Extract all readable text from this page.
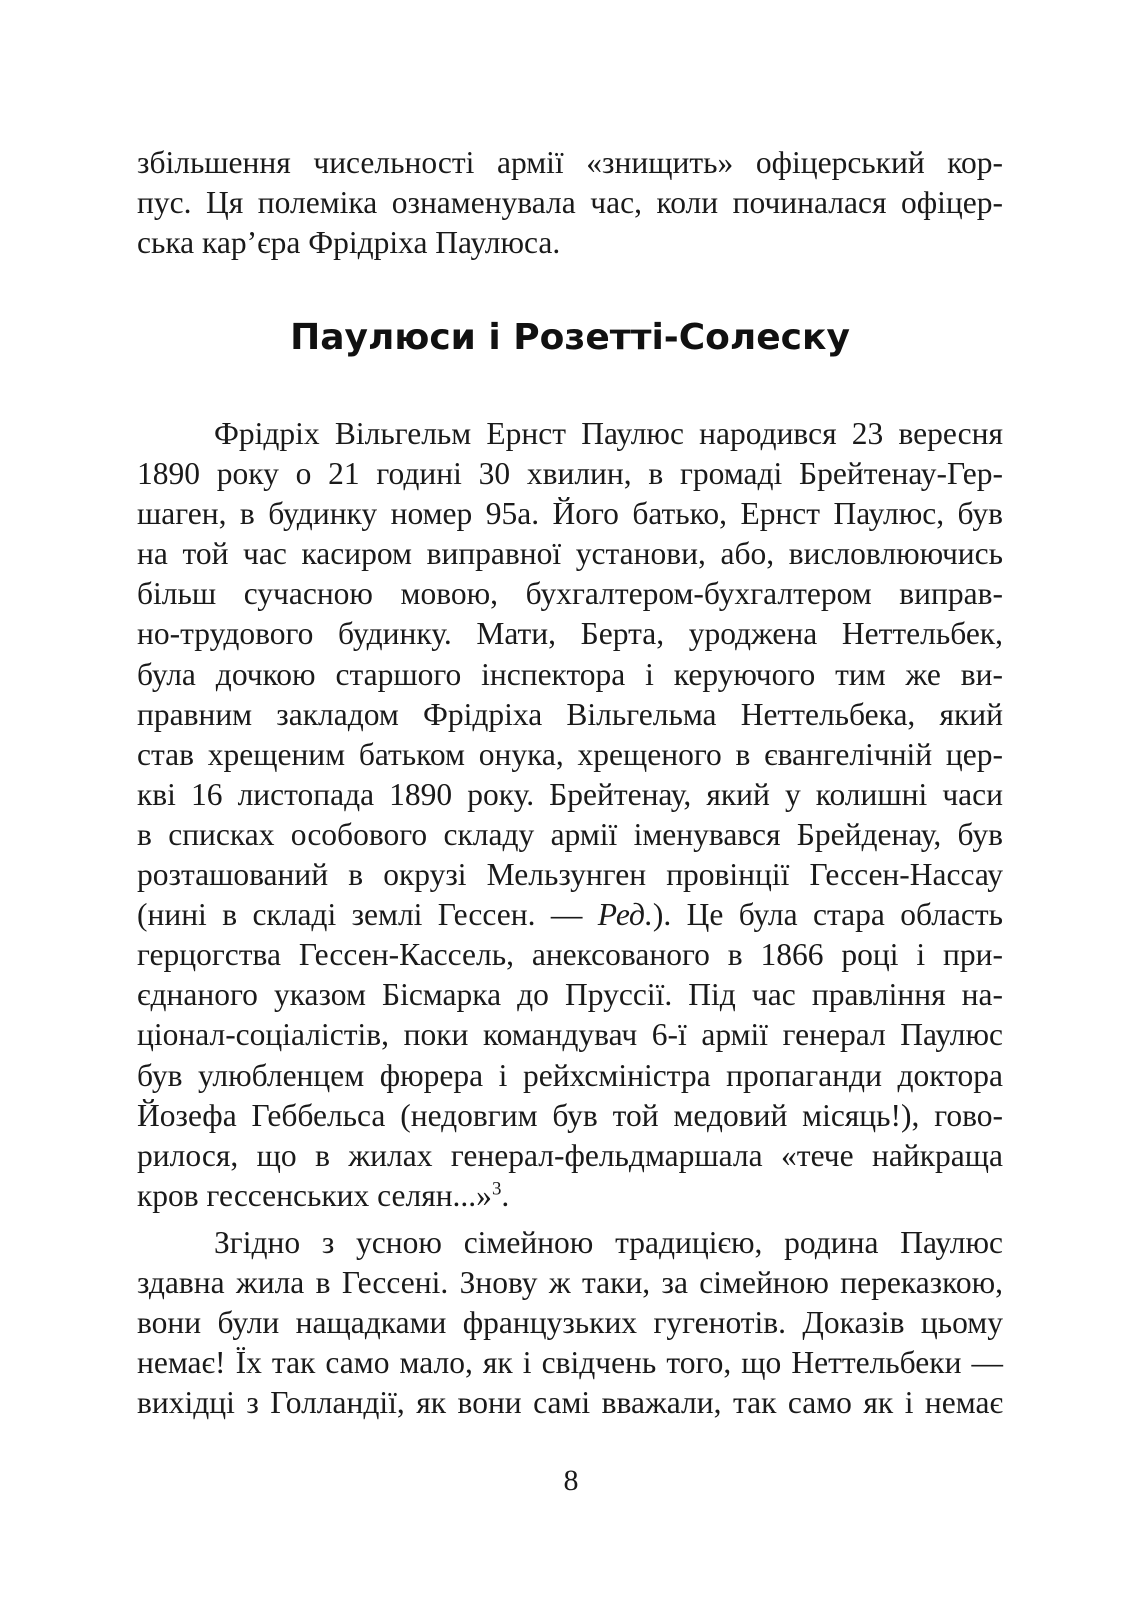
збільшення чисельності армії «знищить» офіцерський кор-
пус. Ця полеміка ознаменувала час, коли починалася офіцер-
ська кар’єра Фрідріха Паулюса.
Паулюси і Розетті-Солеску
Фрідріх Вільгельм Ернст Паулюс народився 23 вересня
1890 року о 21 годині 30 хвилин, в громаді Брейтенау-Гер-
шаген, в будинку номер 95а. Його батько, Ернст Паулюс, був
на той час касиром виправної установи, або, висловлюючись
більш сучасною мовою, бухгалтером-бухгалтером виправ-
но-трудового будинку. Мати, Берта, уроджена Неттельбек,
була дочкою старшого інспектора і керуючого тим же ви-
правним закладом Фрідріха Вільгельма Неттельбека, який
став хрещеним батьком онука, хрещеного в євангелічній цер-
кві 16 листопада 1890 року. Брейтенау, який у колишні часи
в списках особового складу армії іменувався Брейденау, був
розташований в окрузі Мельзунген провінції Гессен-Нассау
(нині в складі землі Гессен. — Ред.). Це була стара область
герцогства Гессен-Кассель, анексованого в 1866 році і при-
єднаного указом Бісмарка до Пруссії. Під час правління на-
ціонал-соціалістів, поки командувач 6-ї армії генерал Паулюс
був улюбленцем фюрера і рейхсміністра пропаганди доктора
Йозефа Геббельса (недовгим був той медовий місяць!), гово-
рилося, що в жилах генерал-фельдмаршала «тече найкраща
кров гессенських селян...»$^3$.
Згідно з усною сімейною традицією, родина Паулюс
здавна жила в Гессені. Знову ж таки, за сімейною переказкою,
вони були нащадками французьких гугенотів. Доказів цьому
немає! Їх так само мало, як і свідчень того, що Неттельбеки —
вихідці з Голландії, як вони самі вважали, так само як і немає
8
